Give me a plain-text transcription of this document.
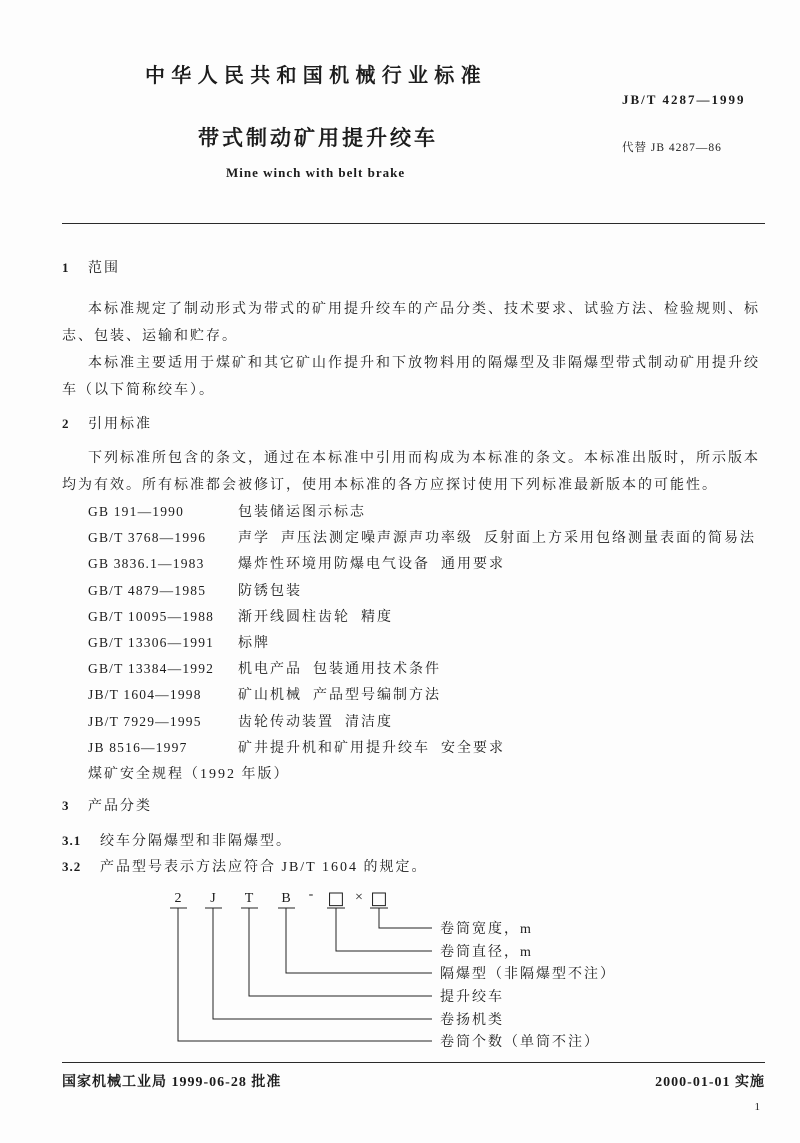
中华人民共和国机械行业标准
JB/T 4287—1999
带式制动矿用提升绞车	代替 JB 4287—86
Mine winch with belt brake
1 范围
本标准规定了制动形式为带式的矿用提升绞车的产品分类、技术要求、试验方法、检验规则、标
志、包装、运输和贮存。
本标准主要适用于煤矿和其它矿山作提升和下放物料用的隔爆型及非隔爆型带式制动矿用提升绞
车（以下简称绞车）。
2 引用标准
下列标准所包含的条文，通过在本标准中引用而构成为本标准的条文。本标准出版时，所示版本
均为有效。所有标准都会被修订，使用本标准的各方应探讨使用下列标准最新版本的可能性。
GB 191—1990	包装储运图示标志
GB/T 3768—1996 声学  声压法测定噪声源声功率级  反射面上方采用包络测量表面的简易法
GB 3836.1—1983 爆炸性环境用防爆电气设备  通用要求
GB/T 4879—1985 防锈包装
GB/T 10095—1988 渐开线圆柱齿轮  精度
GB/T 13306—1991 标牌
GB/T 13384—1992 机电产品  包装通用技术条件
JB/T 1604—1998	矿山机械  产品型号编制方法
JB/T 7929—1995	齿轮传动装置  清洁度
JB 8516—1997	矿井提升机和矿用提升绞车  安全要求
煤矿安全规程（1992 年版）
3 产品分类
3.1 绞车分隔爆型和非隔爆型。
3.2 产品型号表示方法应符合 JB/T 1604 的规定。
2 J T B - □ × □
卷筒宽度，m
卷筒直径，m
隔爆型（非隔爆型不注）
提升绞车
卷扬机类
卷筒个数（单筒不注）
国家机械工业局 1999-06-28 批准	2000-01-01 实施
1
